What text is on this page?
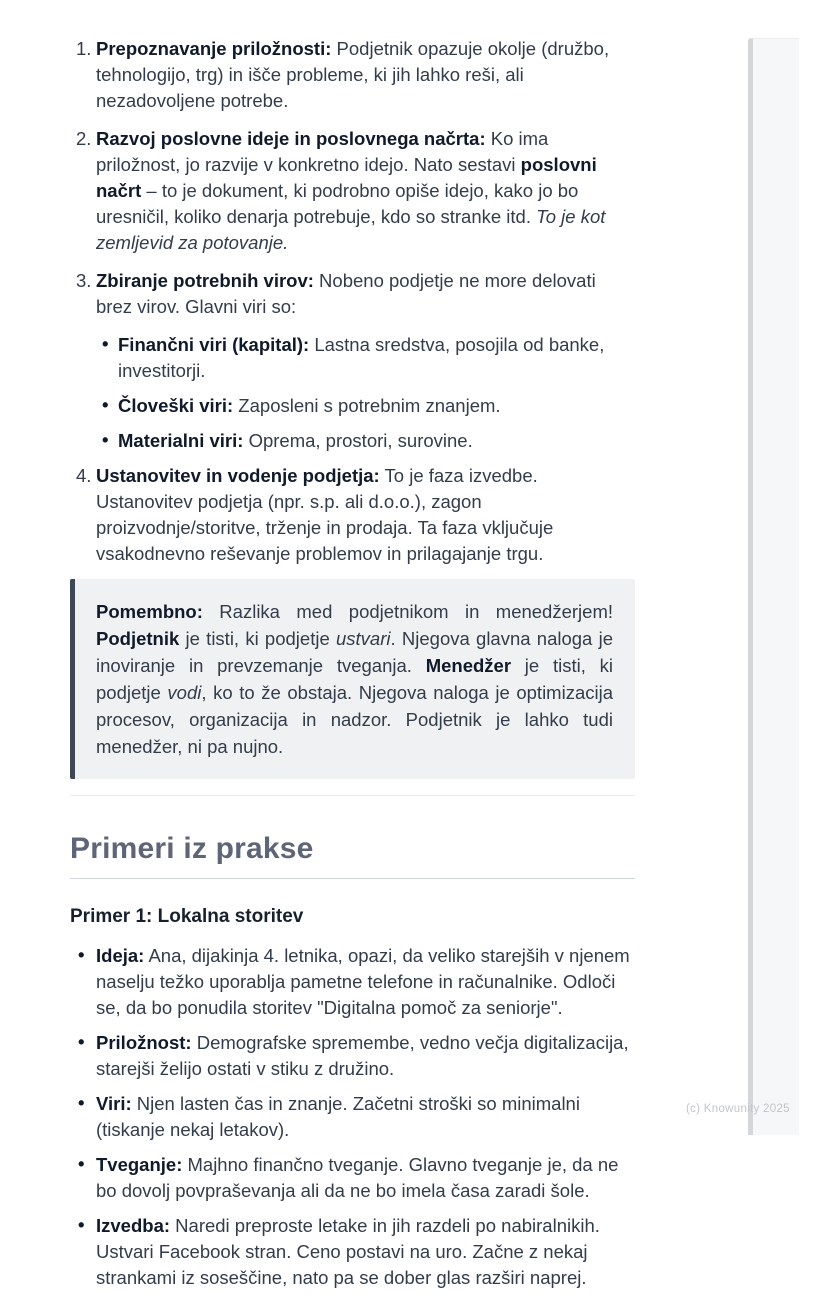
1. Prepoznavanje priložnosti: Podjetnik opazuje okolje (družbo, tehnologijo, trg) in išče probleme, ki jih lahko reši, ali nezadovoljene potrebe.
2. Razvoj poslovne ideje in poslovnega načrta: Ko ima priložnost, jo razvije v konkretno idejo. Nato sestavi poslovni načrt – to je dokument, ki podrobno opiše idejo, kako jo bo uresničil, koliko denarja potrebuje, kdo so stranke itd. To je kot zemljevid za potovanje.
3. Zbiranje potrebnih virov: Nobeno podjetje ne more delovati brez virov. Glavni viri so:
• Finančni viri (kapital): Lastna sredstva, posojila od banke, investitorji.
• Človeški viri: Zaposleni s potrebnim znanjem.
• Materialni viri: Oprema, prostori, surovine.
4. Ustanovitev in vodenje podjetja: To je faza izvedbe. Ustanovitev podjetja (npr. s.p. ali d.o.o.), zagon proizvodnje/storitve, trženje in prodaja. Ta faza vključuje vsakodnevno reševanje problemov in prilagajanje trgu.

Pomembno: Razlika med podjetnikom in menedžerjem! Podjetnik je tisti, ki podjetje ustvari. Njegova glavna naloga je inoviranje in prevzemanje tveganja. Menedžer je tisti, ki podjetje vodi, ko to že obstaja. Njegova naloga je optimizacija procesov, organizacija in nadzor. Podjetnik je lahko tudi menedžer, ni pa nujno.

Primeri iz prakse
Primer 1: Lokalna storitev
• Ideja: Ana, dijakinja 4. letnika, opazi, da veliko starejših v njenem naselju težko uporablja pametne telefone in računalnike. Odloči se, da bo ponudila storitev "Digitalna pomoč za seniorje".
• Priložnost: Demografske spremembe, vedno večja digitalizacija, starejši želijo ostati v stiku z družino.
• Viri: Njen lasten čas in znanje. Začetni stroški so minimalni (tiskanje nekaj letakov).
• Tveganje: Majhno finančno tveganje. Glavno tveganje je, da ne bo dovolj povpraševanja ali da ne bo imela časa zaradi šole.
• Izvedba: Naredi preproste letake in jih razdeli po nabiralnikih. Ustvari Facebook stran. Ceno postavi na uro. Začne z nekaj strankami iz soseščine, nato pa se dober glas razširi naprej.
(c) Knowunity 2025
